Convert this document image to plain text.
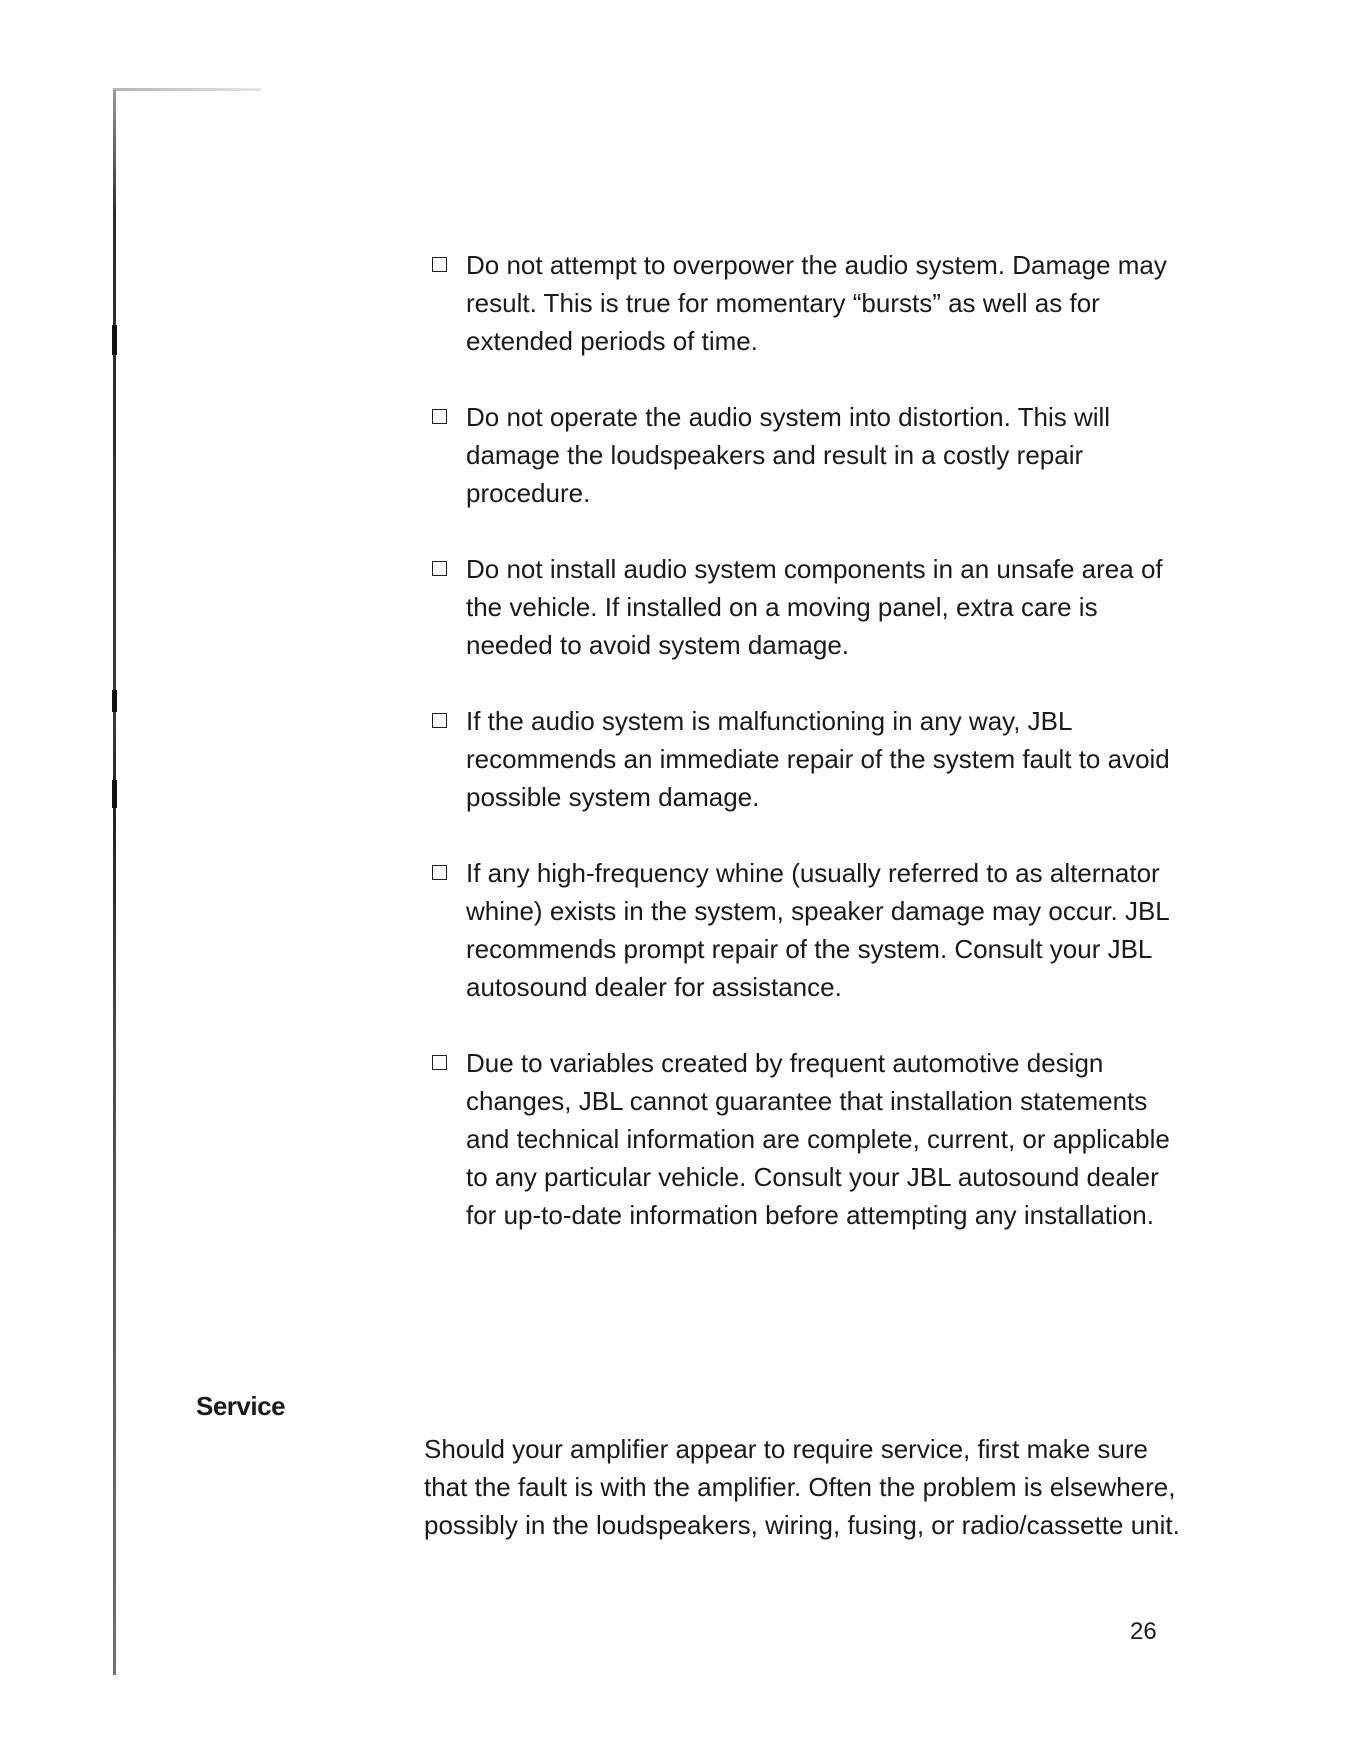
Do not attempt to overpower the audio system. Damage may result. This is true for momentary “bursts” as well as for extended periods of time.
Do not operate the audio system into distortion. This will damage the loudspeakers and result in a costly repair procedure.
Do not install audio system components in an unsafe area of the vehicle. If installed on a moving panel, extra care is needed to avoid system damage.
If the audio system is malfunctioning in any way, JBL recommends an immediate repair of the system fault to avoid possible system damage.
If any high-frequency whine (usually referred to as alternator whine) exists in the system, speaker damage may occur. JBL recommends prompt repair of the system. Consult your JBL autosound dealer for assistance.
Due to variables created by frequent automotive design changes, JBL cannot guarantee that installation statements and technical information are complete, current, or applicable to any particular vehicle. Consult your JBL autosound dealer for up-to-date information before attempting any installation.
Service

Should your amplifier appear to require service, first make sure that the fault is with the amplifier. Often the problem is elsewhere, possibly in the loudspeakers, wiring, fusing, or radio/cassette unit.

26
